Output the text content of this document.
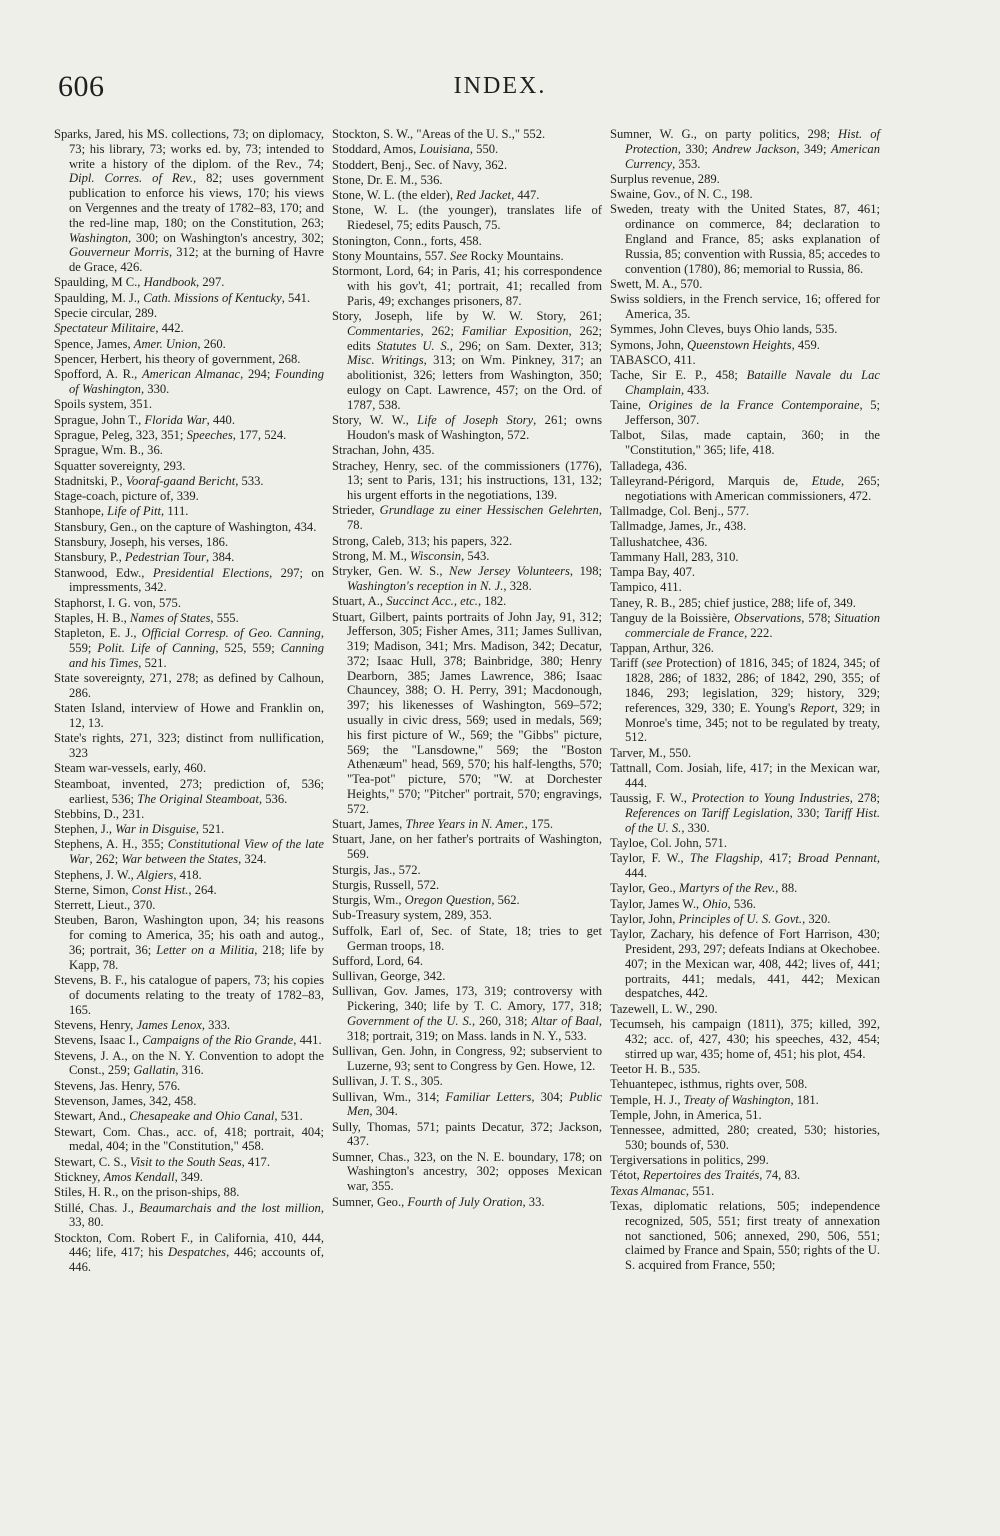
606	INDEX.

Sparks, Jared, his MS. collections, 73; on diplomacy, 73; his library, 73; works ed. by, 73; intended to write a history of the diplom. of the Rev., 74; Dipl. Corres. of Rev., 82; uses government publication to enforce his views, 170; his views on Vergennes and the treaty of 1782–83, 170; and the red-line map, 180; on the Constitution, 263; Washington, 300; on Washington's ancestry, 302; Gouverneur Morris, 312; at the burning of Havre de Grace, 426.

Spaulding, M C., Handbook, 297.

Spaulding, M. J., Cath. Missions of Kentucky, 541.

Specie circular, 289.

Spectateur Militaire, 442.

Spence, James, Amer. Union, 260.

Spencer, Herbert, his theory of government, 268.

Spofford, A. R., American Almanac, 294; Founding of Washington, 330.

Spoils system, 351.

Sprague, John T., Florida War, 440.

Sprague, Peleg, 323, 351; Speeches, 177, 524.

Sprague, Wm. B., 36.

Squatter sovereignty, 293.

Stadnitski, P., Vooraf-gaand Bericht, 533.

Stage-coach, picture of, 339.

Stanhope, Life of Pitt, 111.

Stansbury, Gen., on the capture of Washington, 434.

Stansbury, Joseph, his verses, 186.

Stansbury, P., Pedestrian Tour, 384.

Stanwood, Edw., Presidential Elections, 297; on impressments, 342.

Staphorst, I. G. von, 575.

Staples, H. B., Names of States, 555.

Stapleton, E. J., Official Corresp. of Geo. Canning, 559; Polit. Life of Canning, 525, 559; Canning and his Times, 521.

State sovereignty, 271, 278; as defined by Calhoun, 286.

Staten Island, interview of Howe and Franklin on, 12, 13.

State's rights, 271, 323; distinct from nullification, 323

Steam war-vessels, early, 460.

Steamboat, invented, 273; prediction of, 536; earliest, 536; The Original Steamboat, 536.

Stebbins, D., 231.

Stephen, J., War in Disguise, 521.

Stephens, A. H., 355; Constitutional View of the late War, 262; War between the States, 324.

Stephens, J. W., Algiers, 418.

Sterne, Simon, Const Hist., 264.

Sterrett, Lieut., 370.

Steuben, Baron, Washington upon, 34; his reasons for coming to America, 35; his oath and autog., 36; portrait, 36; Letter on a Militia, 218; life by Kapp, 78.

Stevens, B. F., his catalogue of papers, 73; his copies of documents relating to the treaty of 1782–83, 165.

Stevens, Henry, James Lenox, 333.

Stevens, Isaac I., Campaigns of the Rio Grande, 441.

Stevens, J. A., on the N. Y. Convention to adopt the Const., 259; Gallatin, 316.

Stevens, Jas. Henry, 576.

Stevenson, James, 342, 458.

Stewart, And., Chesapeake and Ohio Canal, 531.

Stewart, Com. Chas., acc. of, 418; portrait, 404; medal, 404; in the "Constitution," 458.

Stewart, C. S., Visit to the South Seas, 417.

Stickney, Amos Kendall, 349.

Stiles, H. R., on the prison-ships, 88.

Stillé, Chas. J., Beaumarchais and the lost million, 33, 80.

Stockton, Com. Robert F., in California, 410, 444, 446; life, 417; his Despatches, 446; accounts of, 446.

Stockton, S. W., "Areas of the U. S.," 552.

Stoddard, Amos, Louisiana, 550.

Stoddert, Benj., Sec. of Navy, 362.

Stone, Dr. E. M., 536.

Stone, W. L. (the elder), Red Jacket, 447.

Stone, W. L. (the younger), translates life of Riedesel, 75; edits Pausch, 75.

Stonington, Conn., forts, 458.

Stony Mountains, 557. See Rocky Mountains.

Stormont, Lord, 64; in Paris, 41; his correspondence with his gov't, 41; portrait, 41; recalled from Paris, 49; exchanges prisoners, 87.

Story, Joseph, life by W. W. Story, 261; Commentaries, 262; Familiar Exposition, 262; edits Statutes U. S., 296; on Sam. Dexter, 313; Misc. Writings, 313; on Wm. Pinkney, 317; an abolitionist, 326; letters from Washington, 350; eulogy on Capt. Lawrence, 457; on the Ord. of 1787, 538.

Story, W. W., Life of Joseph Story, 261; owns Houdon's mask of Washington, 572.

Strachan, John, 435.

Strachey, Henry, sec. of the commissioners (1776), 13; sent to Paris, 131; his instructions, 131, 132; his urgent efforts in the negotiations, 139.

Strieder, Grundlage zu einer Hessischen Gelehrten, 78.

Strong, Caleb, 313; his papers, 322.

Strong, M. M., Wisconsin, 543.

Stryker, Gen. W. S., New Jersey Volunteers, 198; Washington's reception in N. J., 328.

Stuart, A., Succinct Acc., etc., 182.

Stuart, Gilbert, paints portraits of John Jay, 91, 312; Jefferson, 305; Fisher Ames, 311; James Sullivan, 319; Madison, 341; Mrs. Madison, 342; Decatur, 372; Isaac Hull, 378; Bainbridge, 380; Henry Dearborn, 385; James Lawrence, 386; Isaac Chauncey, 388; O. H. Perry, 391; Macdonough, 397; his likenesses of Washington, 569–572; usually in civic dress, 569; used in medals, 569; his first picture of W., 569; the "Gibbs" picture, 569; the "Lansdowne," 569; the "Boston Athenæum" head, 569, 570; his half-lengths, 570; "Tea-pot" picture, 570; "W. at Dorchester Heights," 570; "Pitcher" portrait, 570; engravings, 572.

Stuart, James, Three Years in N. Amer., 175.

Stuart, Jane, on her father's portraits of Washington, 569.

Sturgis, Jas., 572.

Sturgis, Russell, 572.

Sturgis, Wm., Oregon Question, 562.

Sub-Treasury system, 289, 353.

Suffolk, Earl of, Sec. of State, 18; tries to get German troops, 18.

Sufford, Lord, 64.

Sullivan, George, 342.

Sullivan, Gov. James, 173, 319; controversy with Pickering, 340; life by T. C. Amory, 177, 318; Government of the U. S., 260, 318; Altar of Baal, 318; portrait, 319; on Mass. lands in N. Y., 533.

Sullivan, Gen. John, in Congress, 92; subservient to Luzerne, 93; sent to Congress by Gen. Howe, 12.

Sullivan, J. T. S., 305.

Sullivan, Wm., 314; Familiar Letters, 304; Public Men, 304.

Sully, Thomas, 571; paints Decatur, 372; Jackson, 437.

Sumner, Chas., 323, on the N. E. boundary, 178; on Washington's ancestry, 302; opposes Mexican war, 355.

Sumner, Geo., Fourth of July Oration, 33.

Sumner, W. G., on party politics, 298; Hist. of Protection, 330; Andrew Jackson, 349; American Currency, 353.

Surplus revenue, 289.

Swaine, Gov., of N. C., 198.

Sweden, treaty with the United States, 87, 461; ordinance on commerce, 84; declaration to England and France, 85; asks explanation of Russia, 85; convention with Russia, 85; accedes to convention (1780), 86; memorial to Russia, 86.

Swett, M. A., 570.

Swiss soldiers, in the French service, 16; offered for America, 35.

Symmes, John Cleves, buys Ohio lands, 535.

Symons, John, Queenstown Heights, 459.

TABASCO, 411.

Tache, Sir E. P., 458; Bataille Navale du Lac Champlain, 433.

Taine, Origines de la France Contemporaine, 5; Jefferson, 307.

Talbot, Silas, made captain, 360; in the "Constitution," 365; life, 418.

Talladega, 436.

Talleyrand-Périgord, Marquis de, Etude, 265; negotiations with American commissioners, 472.

Tallmadge, Col. Benj., 577.

Tallmadge, James, Jr., 438.

Tallushatchee, 436.

Tammany Hall, 283, 310.

Tampa Bay, 407.

Tampico, 411.

Taney, R. B., 285; chief justice, 288; life of, 349.

Tanguy de la Boissière, Observations, 578; Situation commerciale de France, 222.

Tappan, Arthur, 326.

Tariff (see Protection) of 1816, 345; of 1824, 345; of 1828, 286; of 1832, 286; of 1842, 290, 355; of 1846, 293; legislation, 329; history, 329; references, 329, 330; E. Young's Report, 329; in Monroe's time, 345; not to be regulated by treaty, 512.

Tarver, M., 550.

Tattnall, Com. Josiah, life, 417; in the Mexican war, 444.

Taussig, F. W., Protection to Young Industries, 278; References on Tariff Legislation, 330; Tariff Hist. of the U. S., 330.

Tayloe, Col. John, 571.

Taylor, F. W., The Flagship, 417; Broad Pennant, 444.

Taylor, Geo., Martyrs of the Rev., 88.

Taylor, James W., Ohio, 536.

Taylor, John, Principles of U. S. Govt., 320.

Taylor, Zachary, his defence of Fort Harrison, 430; President, 293, 297; defeats Indians at Okechobee. 407; in the Mexican war, 408, 442; lives of, 441; portraits, 441; medals, 441, 442; Mexican despatches, 442.

Tazewell, L. W., 290.

Tecumseh, his campaign (1811), 375; killed, 392, 432; acc. of, 427, 430; his speeches, 432, 454; stirred up war, 435; home of, 451; his plot, 454.

Teetor H. B., 535.

Tehuantepec, isthmus, rights over, 508.

Temple, H. J., Treaty of Washington, 181.

Temple, John, in America, 51.

Tennessee, admitted, 280; created, 530; histories, 530; bounds of, 530.

Tergiversations in politics, 299.

Tétot, Repertoires des Traités, 74, 83.

Texas Almanac, 551.

Texas, diplomatic relations, 505; independence recognized, 505, 551; first treaty of annexation not sanctioned, 506; annexed, 290, 506, 551; claimed by France and Spain, 550; rights of the U. S. acquired from France, 550;
